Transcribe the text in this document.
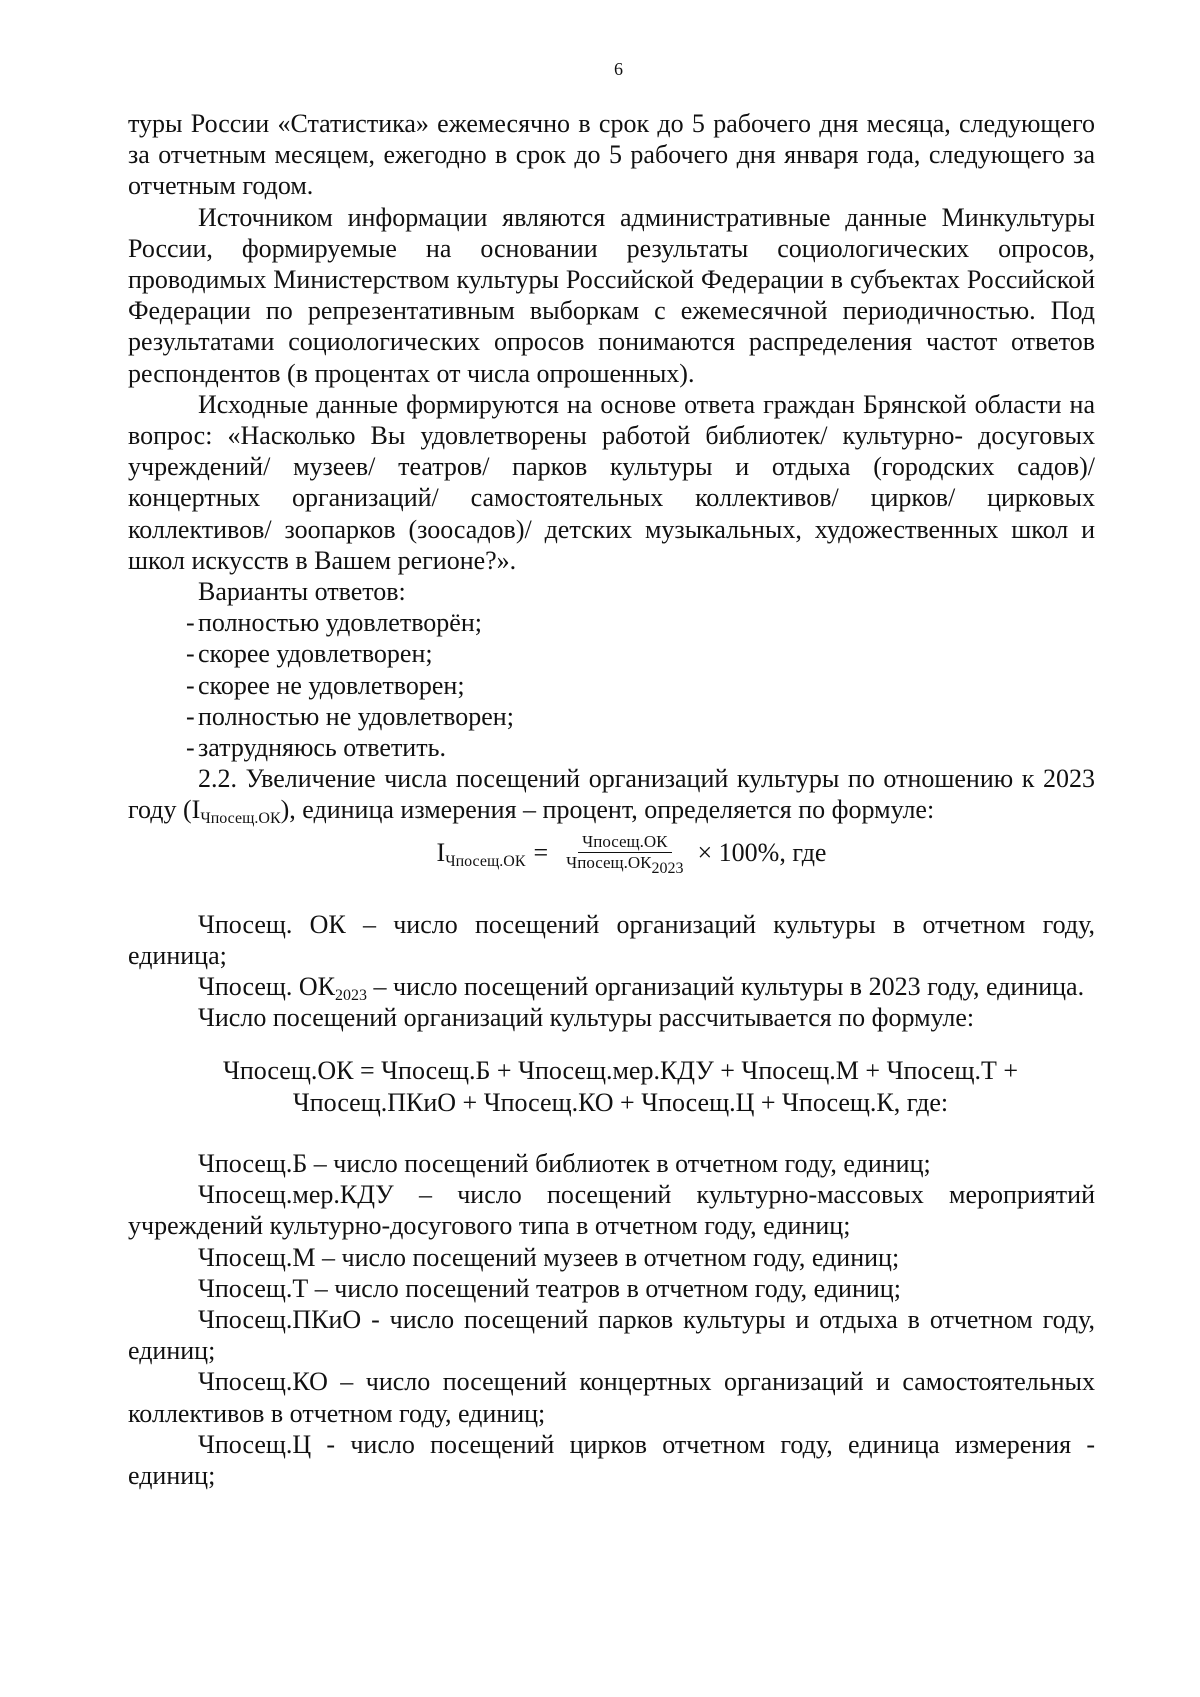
6

туры России «Статистика» ежемесячно в срок до 5 рабочего дня месяца, следующего за отчетным месяцем, ежегодно в срок до 5 рабочего дня января года, следующего за отчетным годом.

Источником информации являются административные данные Минкультуры России, формируемые на основании результаты социологических опросов, проводимых Министерством культуры Российской Федерации в субъектах Российской Федерации по репрезентативным выборкам с ежемесячной периодичностью. Под результатами социологических опросов понимаются распределения частот ответов респондентов (в процентах от числа опрошенных).

Исходные данные формируются на основе ответа граждан Брянской области на вопрос: «Насколько Вы удовлетворены работой библиотек/ культурно- досуговых учреждений/ музеев/ театров/ парков культуры и отдыха (городских садов)/ концертных организаций/ самостоятельных коллективов/ цирков/ цирковых коллективов/ зоопарков (зоосадов)/ детских музыкальных, художественных школ и школ искусств в Вашем регионе?».

Варианты ответов:

- полностью удовлетворён;
- скорее удовлетворен;
- скорее не удовлетворен;
- полностью не удовлетворен;
- затрудняюсь ответить.

2.2. Увеличение числа посещений организаций культуры по отношению к 2023 году $(I_{Чпосещ.ОК})$, единица измерения – процент, определяется по формуле:

$I_{Чпосещ.ОК} = \frac{\text{Чпосещ.ОК}}{Чпосещ.ОК_{2023}} \times 100\%$, где

Чпосещ. ОК – число посещений организаций культуры в отчетном году, единица;

Чпосещ. $ОК_{2023}$ – число посещений организаций культуры в 2023 году, единица.

Число посещений организаций культуры рассчитывается по формуле:

Чпосещ.ОК = Чпосещ.Б + Чпосещ.мер.КДУ + Чпосещ.М + Чпосещ.Т +
Чпосещ.ПКиО + Чпосещ.КО + Чпосещ.Ц + Чпосещ.К, где:

Чпосещ.Б – число посещений библиотек в отчетном году, единиц;

Чпосещ.мер.КДУ – число посещений культурно-массовых мероприятий учреждений культурно-досугового типа в отчетном году, единиц;

Чпосещ.М – число посещений музеев в отчетном году, единиц;

Чпосещ.Т – число посещений театров в отчетном году, единиц;

Чпосещ.ПКиО - число посещений парков культуры и отдыха в отчетном году, единиц;

Чпосещ.КО – число посещений концертных организаций и самостоятельных коллективов в отчетном году, единиц;

Чпосещ.Ц - число посещений цирков отчетном году, единица измерения - единиц;
